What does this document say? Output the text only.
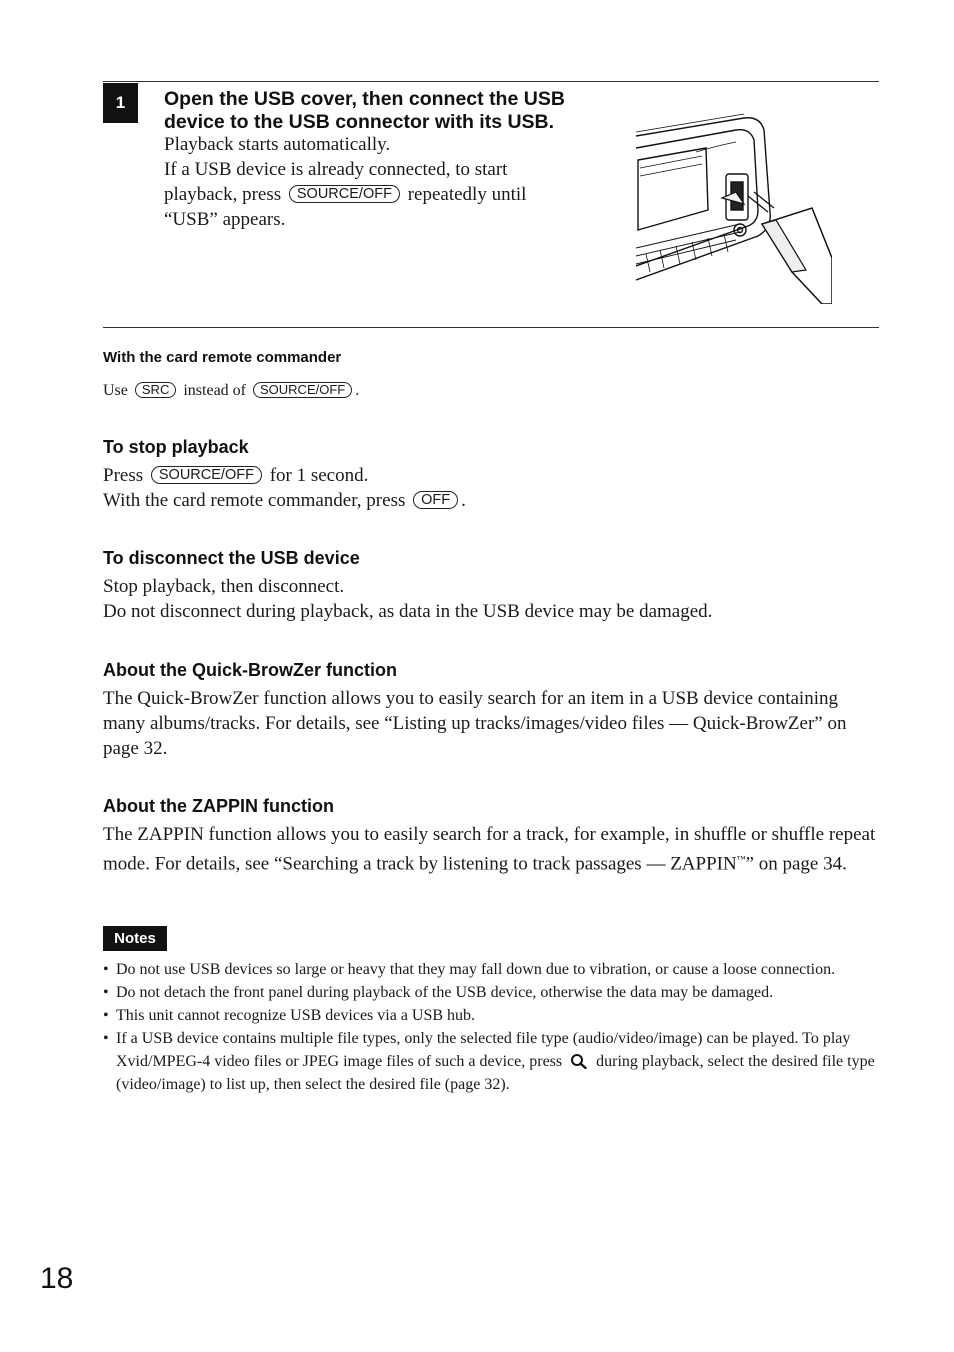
1	Open the USB cover, then connect the USB device to the USB connector with its USB.
Playback starts automatically.
If a USB device is already connected, to start playback, press SOURCE/OFF repeatedly until “USB” appears.
With the card remote commander
Use SRC instead of SOURCE/OFF .
To stop playback
Press SOURCE/OFF for 1 second.
With the card remote commander, press OFF .
To disconnect the USB device
Stop playback, then disconnect.
Do not disconnect during playback, as data in the USB device may be damaged.
About the Quick-BrowZer function
The Quick-BrowZer function allows you to easily search for an item in a USB device containing many albums/tracks. For details, see “Listing up tracks/images/video files — Quick-BrowZer” on page 32.
About the ZAPPIN function
The ZAPPIN function allows you to easily search for a track, for example, in shuffle or shuffle repeat mode. For details, see “Searching a track by listening to track passages — ZAPPIN™” on page 34.
Notes
• Do not use USB devices so large or heavy that they may fall down due to vibration, or cause a loose connection.
• Do not detach the front panel during playback of the USB device, otherwise the data may be damaged.
• This unit cannot recognize USB devices via a USB hub.
• If a USB device contains multiple file types, only the selected file type (audio/video/image) can be played. To play Xvid/MPEG-4 video files or JPEG image files of such a device, press during playback, select the desired file type (video/image) to list up, then select the desired file (page 32).
18
